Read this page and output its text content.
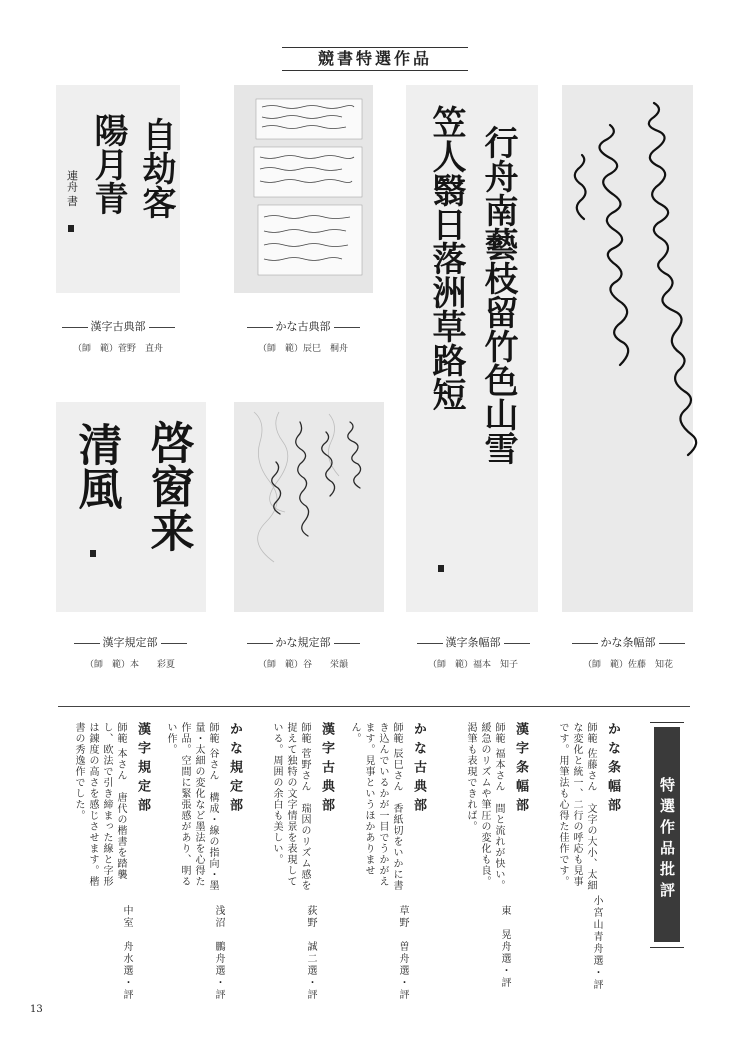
競書特選作品
自劫客
陽月青
連舟 書
漢字古典部
（師　範）菅野　直舟
かな古典部
（師　範）辰巳　桐舟	行舟南藝枝留竹色山雪
笠人翳日落洲草路短
漢字条幅部
（師　範）福本　知子
かな条幅部
（師　範）佐藤　知花
啓窗来
清風
漢字規定部
（師　範）本　　彩夏
かな規定部
（師　範）谷　　栄韻
特選作品批評
かな条幅部
師範 佐藤さん　文字の大小、太細な変化と統一、二行の呼応も見事です。用筆法も心得た佳作です。
小宮山青舟選・評
漢字条幅部
師範 福本さん　間と流れが快い。緩急のリズムや筆圧の変化も良。渇筆も表現できれば。
東　晃舟選・評
かな古典部
師範 辰巳さん　香紙切をいかに書き込んでいるかが一目でうかがえます。見事というほかありません。
草野　曽舟選・評
漢字古典部
師範 菅野さん　瑞因のリズム感を捉えて独特の文字情景を表現している。周囲の余白も美しい。
荻野　誠二選・評
かな規定部
師範 谷さん　構成・線の指向・墨量・太細の変化など墨法を心得た作品。空間に緊張感があり、明るい作。
浅沼　鵬舟選・評
漢字規定部
師範 本さん　唐代の楷書を踏襲し、欧法で引き締まった線と字形は錬度の高さを感じさせます。楷書の秀逸作でした。
中室　舟水選・評
13
